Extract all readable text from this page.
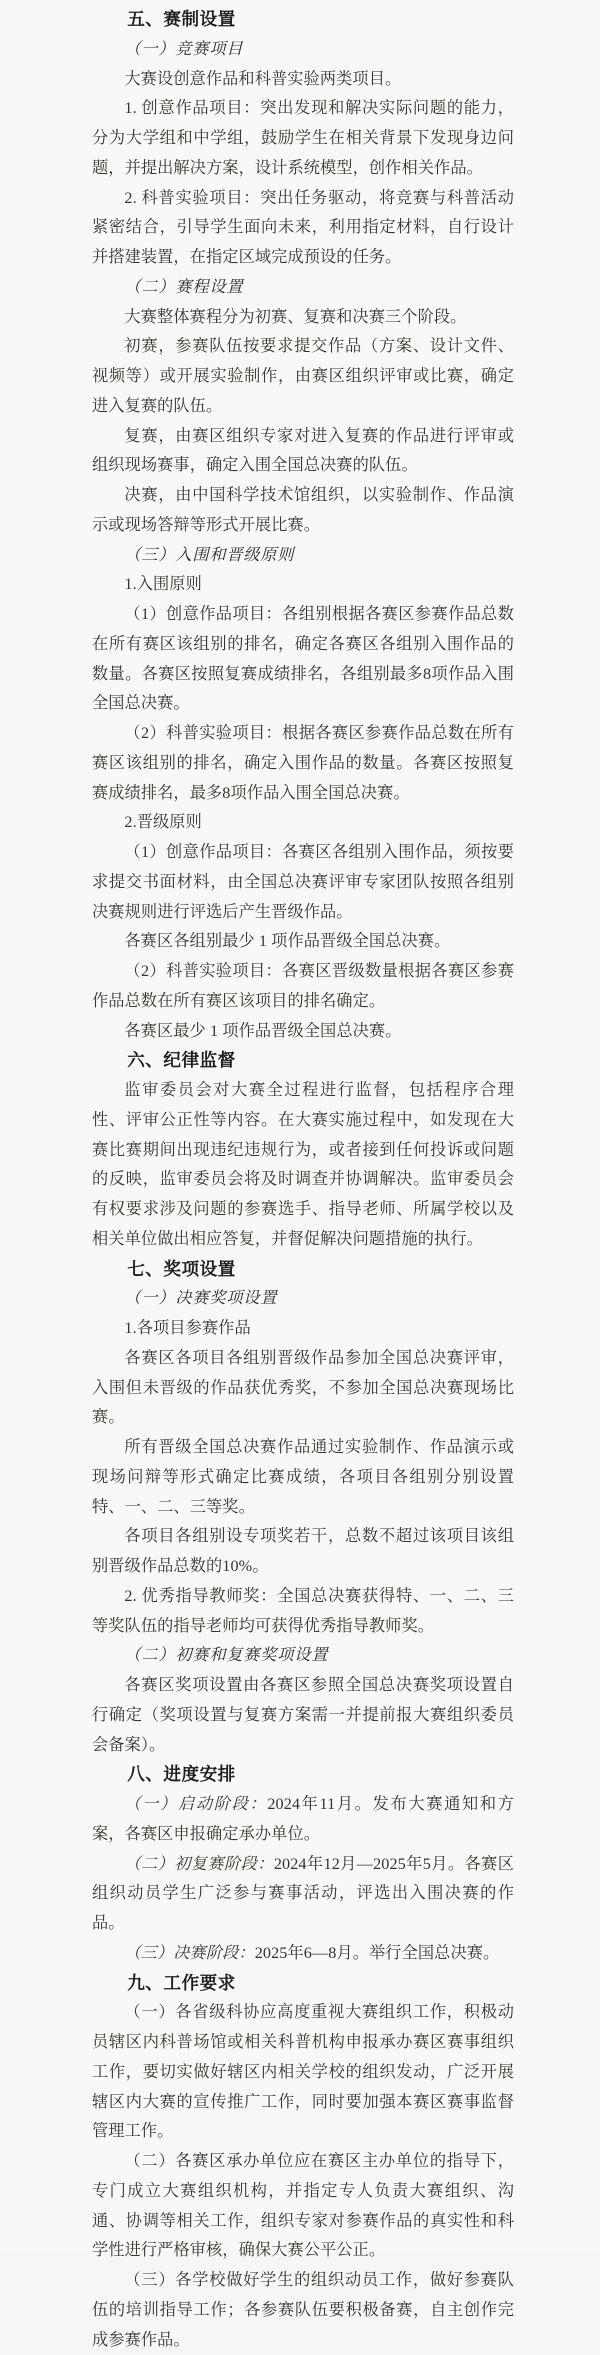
五、赛制设置

（一）竞赛项目

大赛设创意作品和科普实验两类项目。

1. 创意作品项目：突出发现和解决实际问题的能力，分为大学组和中学组，鼓励学生在相关背景下发现身边问题，并提出解决方案，设计系统模型，创作相关作品。

2. 科普实验项目：突出任务驱动，将竞赛与科普活动紧密结合，引导学生面向未来，利用指定材料，自行设计并搭建装置，在指定区域完成预设的任务。

（二）赛程设置

大赛整体赛程分为初赛、复赛和决赛三个阶段。

初赛，参赛队伍按要求提交作品（方案、设计文件、视频等）或开展实验制作，由赛区组织评审或比赛，确定进入复赛的队伍。

复赛，由赛区组织专家对进入复赛的作品进行评审或组织现场赛事，确定入围全国总决赛的队伍。

决赛，由中国科学技术馆组织，以实验制作、作品演示或现场答辩等形式开展比赛。

（三）入围和晋级原则

1.入围原则

（1）创意作品项目：各组别根据各赛区参赛作品总数在所有赛区该组别的排名，确定各赛区各组别入围作品的数量。各赛区按照复赛成绩排名，各组别最多8项作品入围全国总决赛。

（2）科普实验项目：根据各赛区参赛作品总数在所有赛区该组别的排名，确定入围作品的数量。各赛区按照复赛成绩排名，最多8项作品入围全国总决赛。

2.晋级原则

（1）创意作品项目：各赛区各组别入围作品，须按要求提交书面材料，由全国总决赛评审专家团队按照各组别决赛规则进行评选后产生晋级作品。

各赛区各组别最少 1 项作品晋级全国总决赛。

（2）科普实验项目：各赛区晋级数量根据各赛区参赛作品总数在所有赛区该项目的排名确定。

各赛区最少 1 项作品晋级全国总决赛。

六、纪律监督

监审委员会对大赛全过程进行监督，包括程序合理性、评审公正性等内容。在大赛实施过程中，如发现在大赛比赛期间出现违纪违规行为，或者接到任何投诉或问题的反映，监审委员会将及时调查并协调解决。监审委员会有权要求涉及问题的参赛选手、指导老师、所属学校以及相关单位做出相应答复，并督促解决问题措施的执行。

七、奖项设置

（一）决赛奖项设置

1.各项目参赛作品

各赛区各项目各组别晋级作品参加全国总决赛评审，入围但未晋级的作品获优秀奖，不参加全国总决赛现场比赛。

所有晋级全国总决赛作品通过实验制作、作品演示或现场问辩等形式确定比赛成绩，各项目各组别分别设置特、一、二、三等奖。

各项目各组别设专项奖若干，总数不超过该项目该组别晋级作品总数的10%。

2. 优秀指导教师奖：全国总决赛获得特、一、二、三等奖队伍的指导老师均可获得优秀指导教师奖。

（二）初赛和复赛奖项设置

各赛区奖项设置由各赛区参照全国总决赛奖项设置自行确定（奖项设置与复赛方案需一并提前报大赛组织委员会备案）。

八、进度安排

（一）启动阶段：2024年11月。发布大赛通知和方案，各赛区申报确定承办单位。

（二）初复赛阶段：2024年12月—2025年5月。各赛区组织动员学生广泛参与赛事活动，评选出入围决赛的作品。

（三）决赛阶段：2025年6—8月。举行全国总决赛。

九、工作要求

（一）各省级科协应高度重视大赛组织工作，积极动员辖区内科普场馆或相关科普机构申报承办赛区赛事组织工作，要切实做好辖区内相关学校的组织发动，广泛开展辖区内大赛的宣传推广工作，同时要加强本赛区赛事监督管理工作。

（二）各赛区承办单位应在赛区主办单位的指导下，专门成立大赛组织机构，并指定专人负责大赛组织、沟通、协调等相关工作，组织专家对参赛作品的真实性和科学性进行严格审核，确保大赛公平公正。

（三）各学校做好学生的组织动员工作，做好参赛队伍的培训指导工作；各参赛队伍要积极备赛，自主创作完成参赛作品。
